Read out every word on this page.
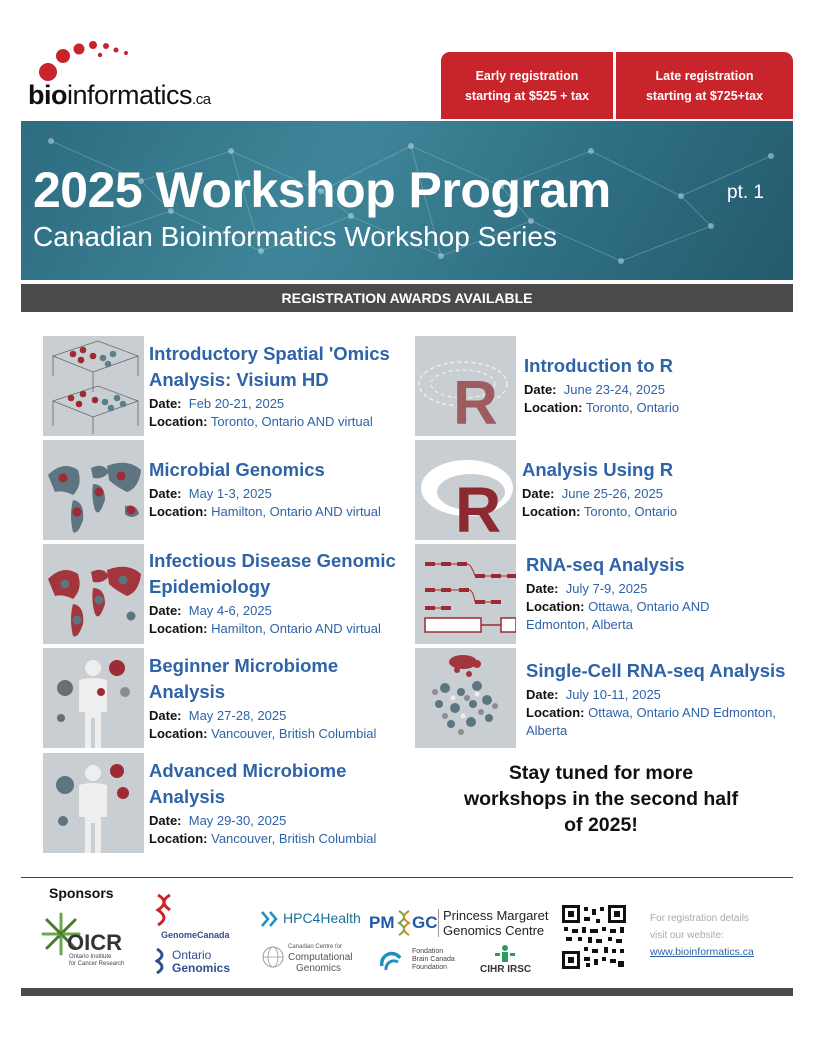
bioinformatics.ca
Early registration
starting at $525 + tax
Late registration
starting at $725+tax
2025 Workshop Program	pt. 1
Canadian Bioinformatics Workshop Series
REGISTRATION AWARDS AVAILABLE
Introductory Spatial 'Omics Analysis: Visium HD
Date: Feb 20-21, 2025
Location: Toronto, Ontario AND virtual
Microbial Genomics
Date: May 1-3, 2025
Location: Hamilton, Ontario AND virtual
Infectious Disease Genomic Epidemiology
Date: May 4-6, 2025
Location: Hamilton, Ontario AND virtual
Beginner Microbiome Analysis
Date: May 27-28, 2025
Location: Vancouver, British Columbial
Advanced Microbiome Analysis
Date: May 29-30, 2025
Location: Vancouver, British Columbial
R
Introduction to R
Date: June 23-24, 2025
Location: Toronto, Ontario
R
Analysis Using R
Date: June 25-26, 2025
Location: Toronto, Ontario
RNA-seq Analysis
Date: July 7-9, 2025
Location: Ottawa, Ontario AND Edmonton, Alberta
Single-Cell RNA-seq Analysis
Date: July 10-11, 2025
Location: Ottawa, Ontario AND Edmonton, Alberta
Stay tuned for more workshops in the second half of 2025!
Sponsors
OICR
Ontario Institute
for Cancer Research
GenomeCanada
Ontario
Genomics
HPC4Health
Canadian Centre for
Computational
Genomics
PM GC Princess Margaret
Genomics Centre
Fondation
Brain Canada
Foundation	CIHR IRSC
For registration details
visit our website:
www.bioinformatics.ca
